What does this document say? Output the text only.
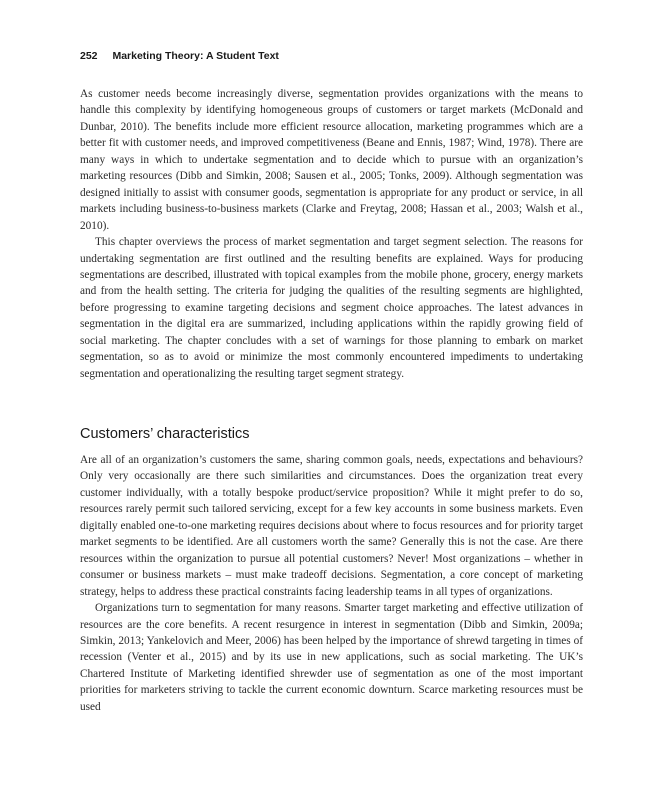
252 Marketing Theory: A Student Text

As customer needs become increasingly diverse, segmentation provides organizations with the means to handle this complexity by identifying homogeneous groups of customers or target markets (McDonald and Dunbar, 2010). The benefits include more efficient resource allocation, marketing programmes which are a better fit with customer needs, and improved competitiveness (Beane and Ennis, 1987; Wind, 1978). There are many ways in which to undertake segmentation and to decide which to pursue with an organization’s marketing resources (Dibb and Simkin, 2008; Sausen et al., 2005; Tonks, 2009). Although segmentation was designed initially to assist with consumer goods, segmentation is appropriate for any product or service, in all markets including business-to-business markets (Clarke and Freytag, 2008; Hassan et al., 2003; Walsh et al., 2010).

This chapter overviews the process of market segmentation and target segment selection. The reasons for undertaking segmentation are first outlined and the resulting benefits are explained. Ways for producing segmentations are described, illustrated with topical examples from the mobile phone, grocery, energy markets and from the health setting. The criteria for judging the qualities of the resulting segments are highlighted, before progressing to examine targeting decisions and segment choice approaches. The latest advances in segmentation in the digital era are summarized, including applications within the rapidly growing field of social marketing. The chapter concludes with a set of warnings for those planning to embark on market segmentation, so as to avoid or minimize the most commonly encountered impediments to undertaking segmentation and operationalizing the resulting target segment strategy.

Customers’ characteristics

Are all of an organization’s customers the same, sharing common goals, needs, expectations and behaviours? Only very occasionally are there such similarities and circumstances. Does the organization treat every customer individually, with a totally bespoke product/service proposition? While it might prefer to do so, resources rarely permit such tailored servicing, except for a few key accounts in some business markets. Even digitally enabled one-to-one marketing requires decisions about where to focus resources and for priority target market segments to be identified. Are all customers worth the same? Generally this is not the case. Are there resources within the organization to pursue all potential customers? Never! Most organizations – whether in consumer or business markets – must make tradeoff decisions. Segmentation, a core concept of marketing strategy, helps to address these practical constraints facing leadership teams in all types of organizations.

Organizations turn to segmentation for many reasons. Smarter target marketing and effective utilization of resources are the core benefits. A recent resurgence in interest in segmentation (Dibb and Simkin, 2009a; Simkin, 2013; Yankelovich and Meer, 2006) has been helped by the importance of shrewd targeting in times of recession (Venter et al., 2015) and by its use in new applications, such as social marketing. The UK’s Chartered Institute of Marketing identified shrewder use of segmentation as one of the most important priorities for marketers striving to tackle the current economic downturn. Scarce marketing resources must be used
